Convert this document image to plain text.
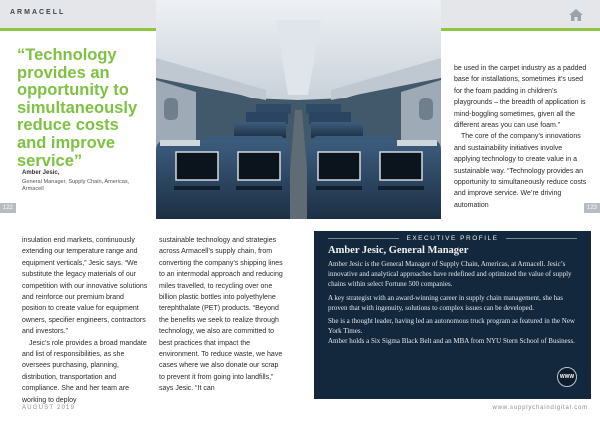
ARMACELL
“Technology provides an opportunity to simultaneously reduce costs and improve service”
Amber Jesic,
General Manager, Supply Chain, Americas, Armacell
122	123

be used in the carpet industry as a padded base for installations, sometimes it’s used for the foam padding in children’s playgrounds – the breadth of application is mind-boggling sometimes, given all the different areas you can use foam.”

The core of the company’s innovations and sustainability initiatives involve applying technology to create value in a sustainable way. “Technology provides an opportunity to simultaneously reduce costs and improve service. We’re driving automation

insulation end markets, continuously extending our temperature range and equipment verticals,” Jesic says. “We substitute the legacy materials of our competition with our innovative solutions and reinforce our premium brand position to create value for equipment owners, specifier engineers, contractors and investors.”

Jesic’s role provides a broad mandate and list of responsibilities, as she oversees purchasing, planning, distribution, transportation and compliance. She and her team are working to deploy

sustainable technology and strategies across Armacell’s supply chain, from converting the company’s shipping lines to an intermodal approach and reducing miles travelled, to recycling over one billion plastic bottles into polyethylene terephthalate (PET) products. “Beyond the benefits we seek to realize through technology, we also are committed to best practices that impact the environment. To reduce waste, we have cases where we also donate our scrap to prevent it from going into landfills,” says Jesic. “It can

EXECUTIVE PROFILE
Amber Jesic, General Manager

Amber Jesic is the General Manager of Supply Chain, Americas, at Armacell. Jesic’s innovative and analytical approaches have redefined and optimized the value of supply chains within select Fortune 500 companies.

A key strategist with an award-winning career in supply chain management, she has proven that with ingenuity, solutions to complex issues can be developed.

She is a thought leader, having led an autonomous truck program as featured in the New York Times.

Amber holds a Six Sigma Black Belt and an MBA from NYU Stern School of Business.

WWW
AUGUST 2019	www.supplychaindigital.com
